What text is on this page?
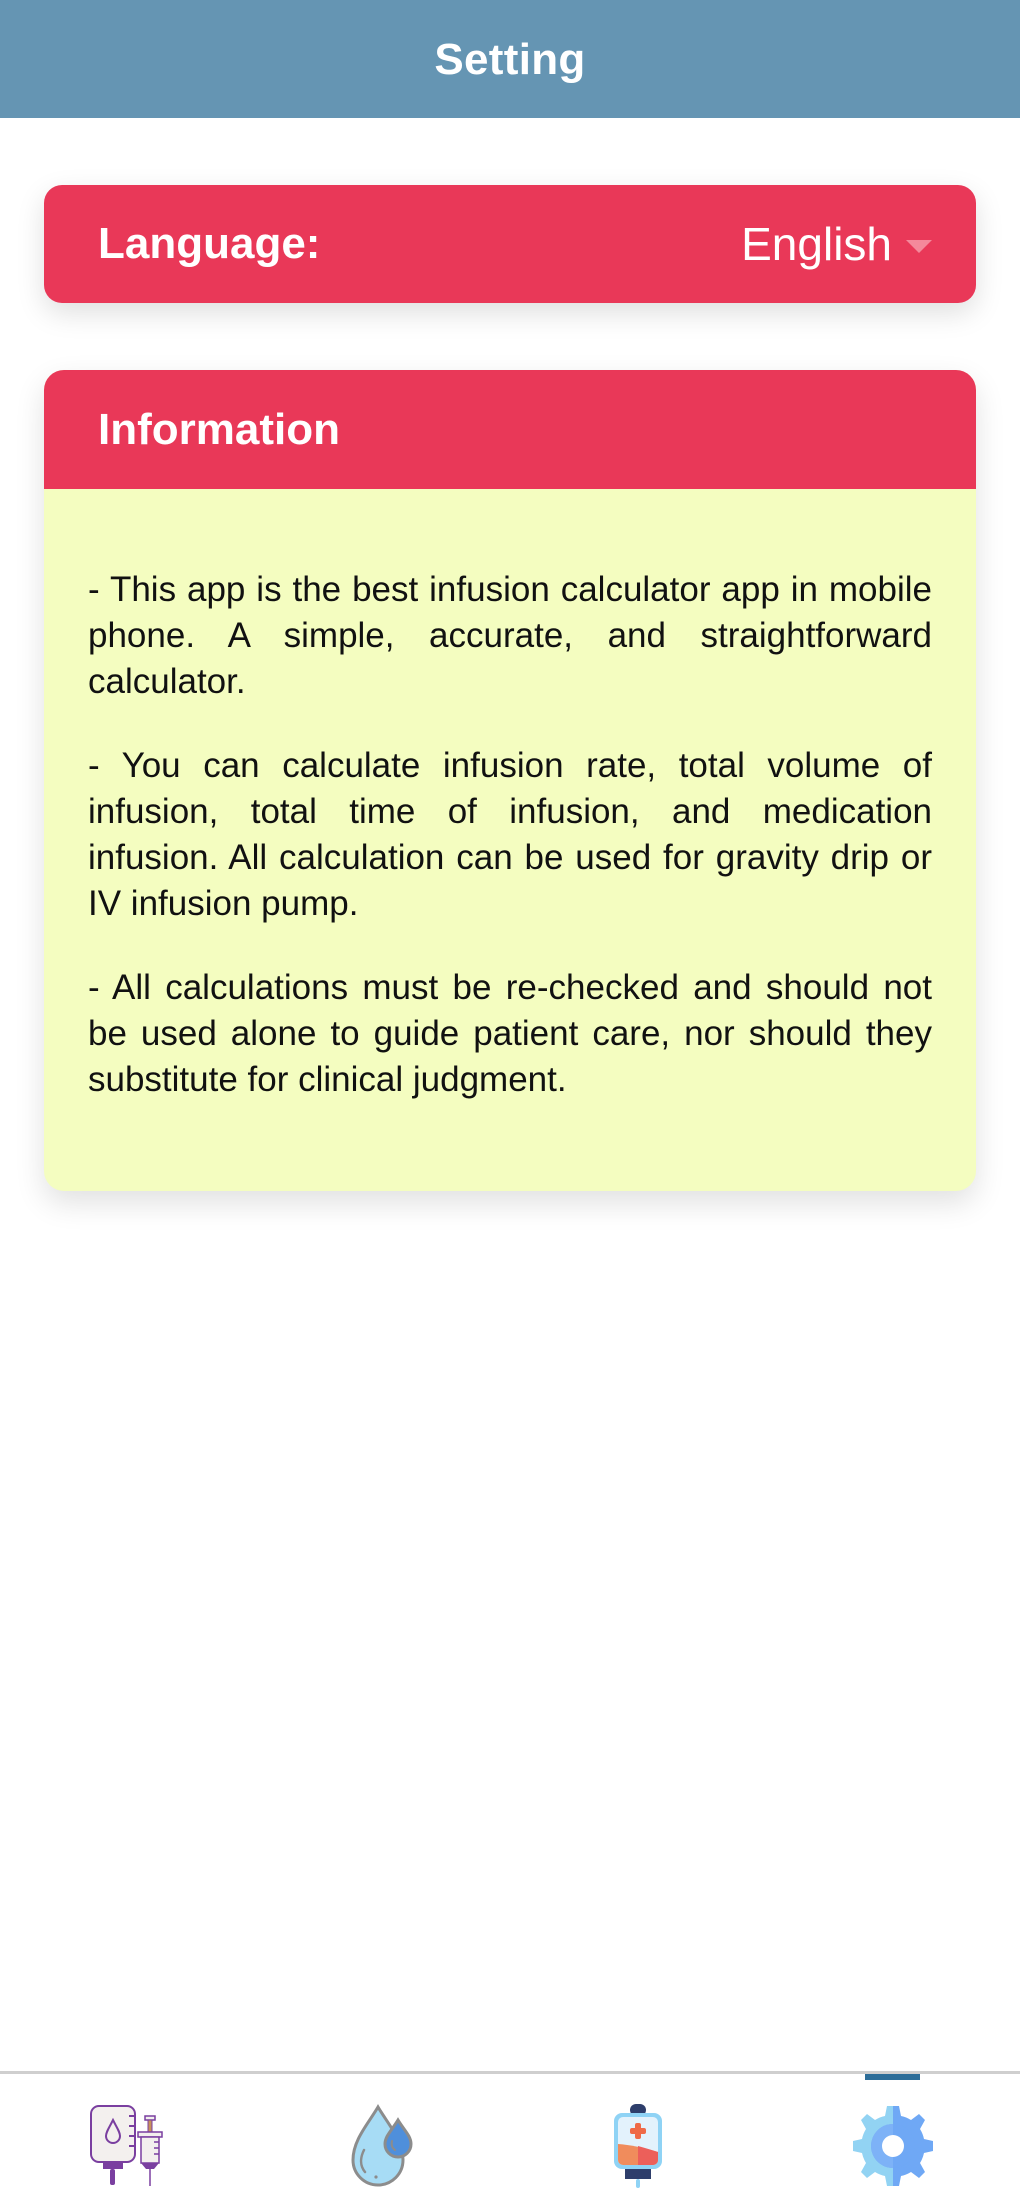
Setting
Language:	English
Information

- This app is the best infusion calculator app in mobile phone. A simple, accurate, and straightforward calculator.

- You can calculate infusion rate, total volume of infusion, total time of infusion, and medication infusion. All calculation can be used for gravity drip or IV infusion pump.

- All calculations must be re-checked and should not be used alone to guide patient care, nor should they substitute for clinical judgment.
